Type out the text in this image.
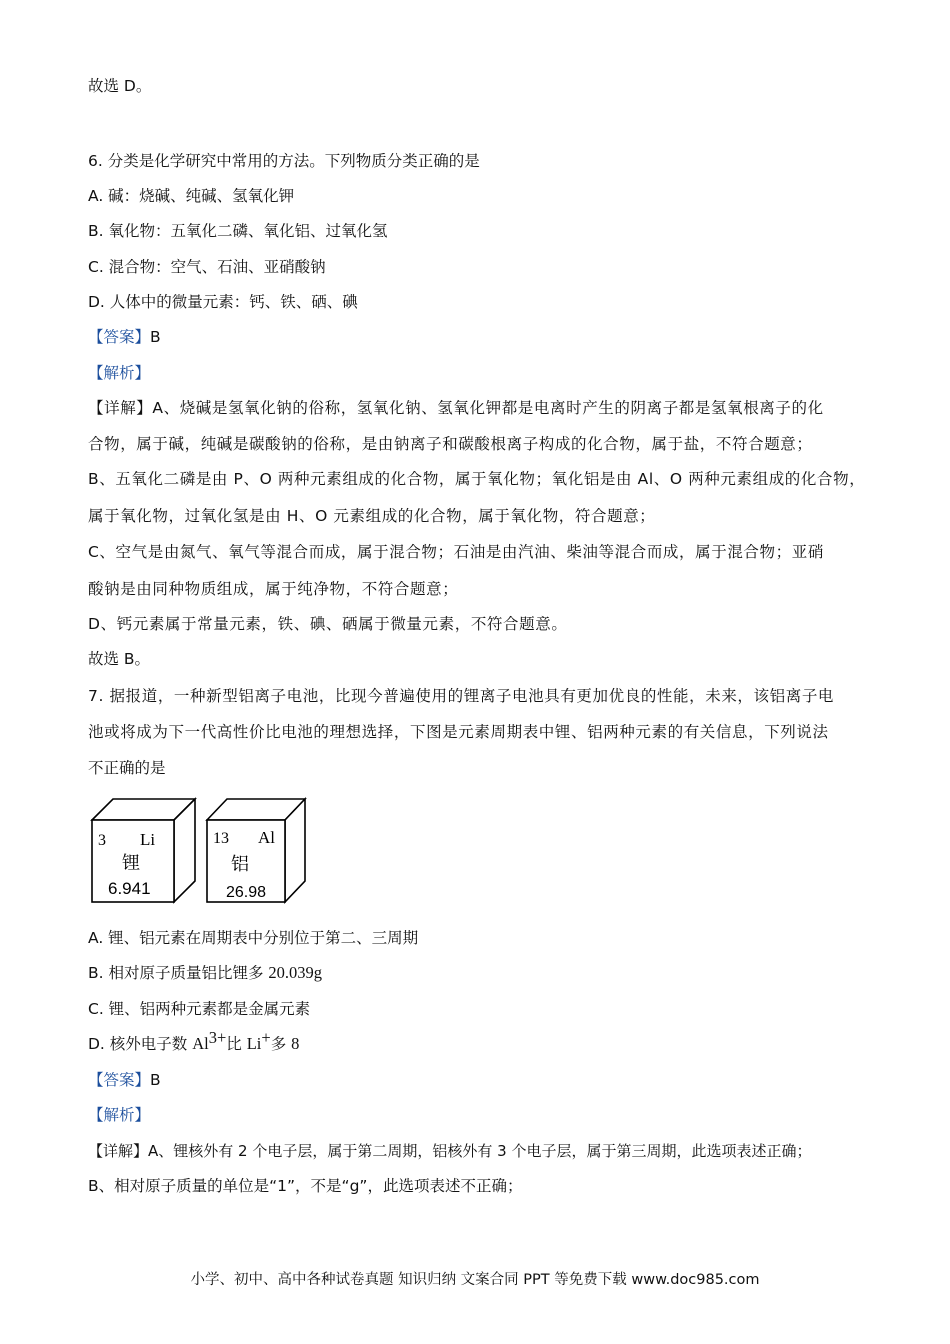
故选 D。
6. 分类是化学研究中常用的方法。下列物质分类正确的是
A. 碱：烧碱、纯碱、氢氧化钾
B. 氧化物：五氧化二磷、氧化铝、过氧化氢
C. 混合物：空气、石油、亚硝酸钠
D. 人体中的微量元素：钙、铁、硒、碘
【答案】B
【解析】
【详解】A、烧碱是氢氧化钠的俗称，氢氧化钠、氢氧化钾都是电离时产生的阴离子都是氢氧根离子的化
合物，属于碱，纯碱是碳酸钠的俗称，是由钠离子和碳酸根离子构成的化合物，属于盐，不符合题意；
B、五氧化二磷是由 P、O 两种元素组成的化合物，属于氧化物；氧化铝是由 Al、O 两种元素组成的化合物，
属于氧化物，过氧化氢是由 H、O 元素组成的化合物，属于氧化物，符合题意；
C、空气是由氮气、氧气等混合而成，属于混合物；石油是由汽油、柴油等混合而成，属于混合物；亚硝
酸钠是由同种物质组成，属于纯净物，不符合题意；
D、钙元素属于常量元素，铁、碘、硒属于微量元素，不符合题意。
故选 B。
7. 据报道，一种新型铝离子电池，比现今普遍使用的锂离子电池具有更加优良的性能，未来，该铝离子电
池或将成为下一代高性价比电池的理想选择，下图是元素周期表中锂、铝两种元素的有关信息，下列说法
不正确的是
3 Li
锂
6.941
13 Al
铝
26.98
A. 锂、铝元素在周期表中分别位于第二、三周期
B. 相对原子质量铝比锂多 20.039g
C. 锂、铝两种元素都是金属元素
D. 核外电子数 $Al^{3+}$比 Li+多 8
【答案】B
【解析】
【详解】A、锂核外有 2 个电子层，属于第二周期，铝核外有 3 个电子层，属于第三周期，此选项表述正确；
B、相对原子质量的单位是“1”，不是“g”，此选项表述不正确；
小学、初中、高中各种试卷真题 知识归纳 文案合同 PPT 等免费下载 www.doc985.com
